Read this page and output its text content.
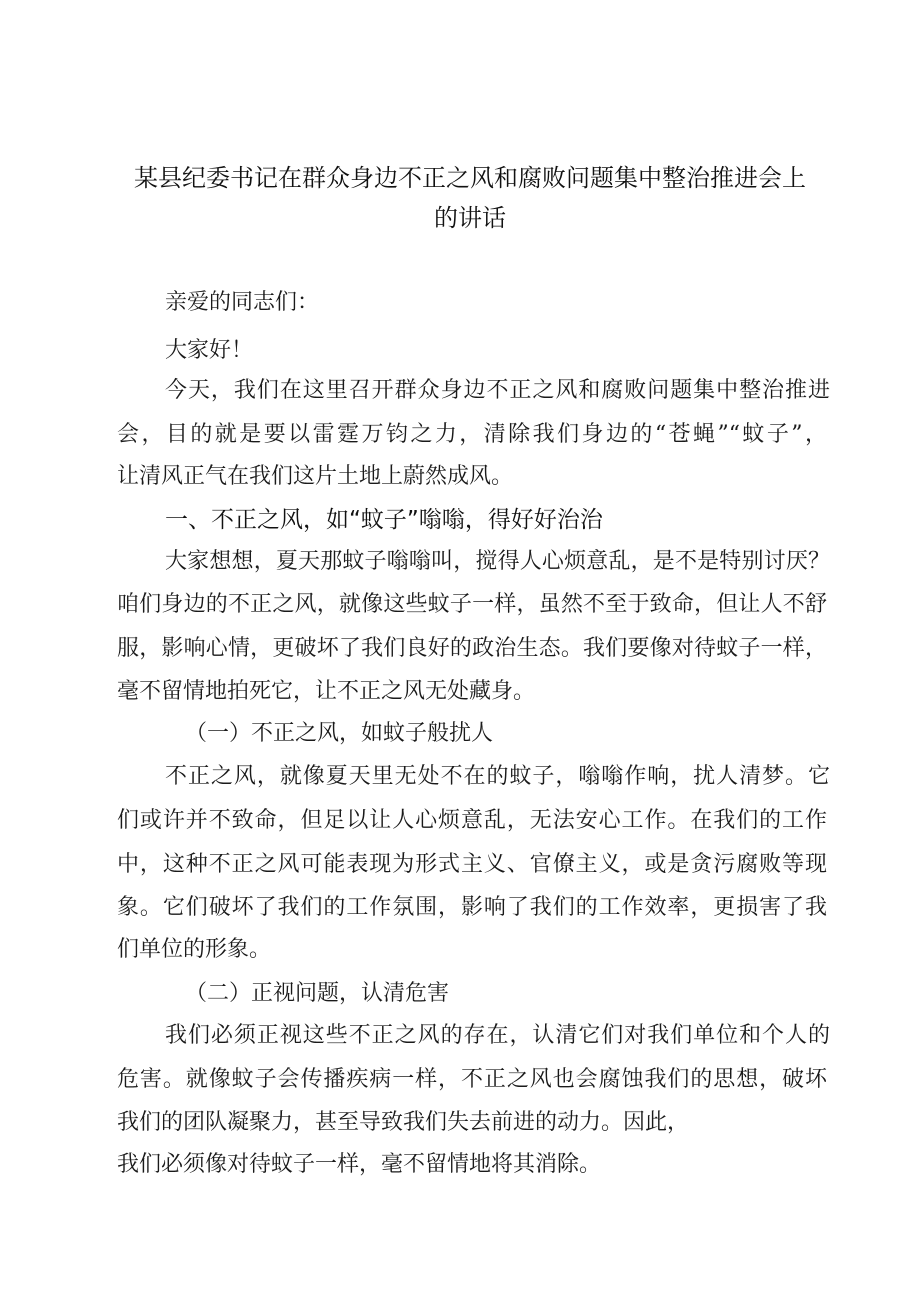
某县纪委书记在群众身边不正之风和腐败问题集中整治推进会上
的讲话
亲爱的同志们：
大家好！
今天，我们在这里召开群众身边不正之风和腐败问题集中整治推进
会，目的就是要以雷霆万钧之力，清除我们身边的“苍蝇”“蚊子”，
让清风正气在我们这片土地上蔚然成风。
一、不正之风，如“蚊子”嗡嗡，得好好治治
大家想想，夏天那蚊子嗡嗡叫，搅得人心烦意乱，是不是特别讨厌？
咱们身边的不正之风，就像这些蚊子一样，虽然不至于致命，但让人不舒
服，影响心情，更破坏了我们良好的政治生态。我们要像对待蚊子一样，
毫不留情地拍死它，让不正之风无处藏身。
（一）不正之风，如蚊子般扰人
不正之风，就像夏天里无处不在的蚊子，嗡嗡作响，扰人清梦。它
们或许并不致命，但足以让人心烦意乱，无法安心工作。在我们的工作
中，这种不正之风可能表现为形式主义、官僚主义，或是贪污腐败等现
象。它们破坏了我们的工作氛围，影响了我们的工作效率，更损害了我
们单位的形象。
（二）正视问题，认清危害
我们必须正视这些不正之风的存在，认清它们对我们单位和个人的
危害。就像蚊子会传播疾病一样，不正之风也会腐蚀我们的思想，破坏
我们的团队凝聚力，甚至导致我们失去前进的动力。因此，
我们必须像对待蚊子一样，毫不留情地将其消除。
